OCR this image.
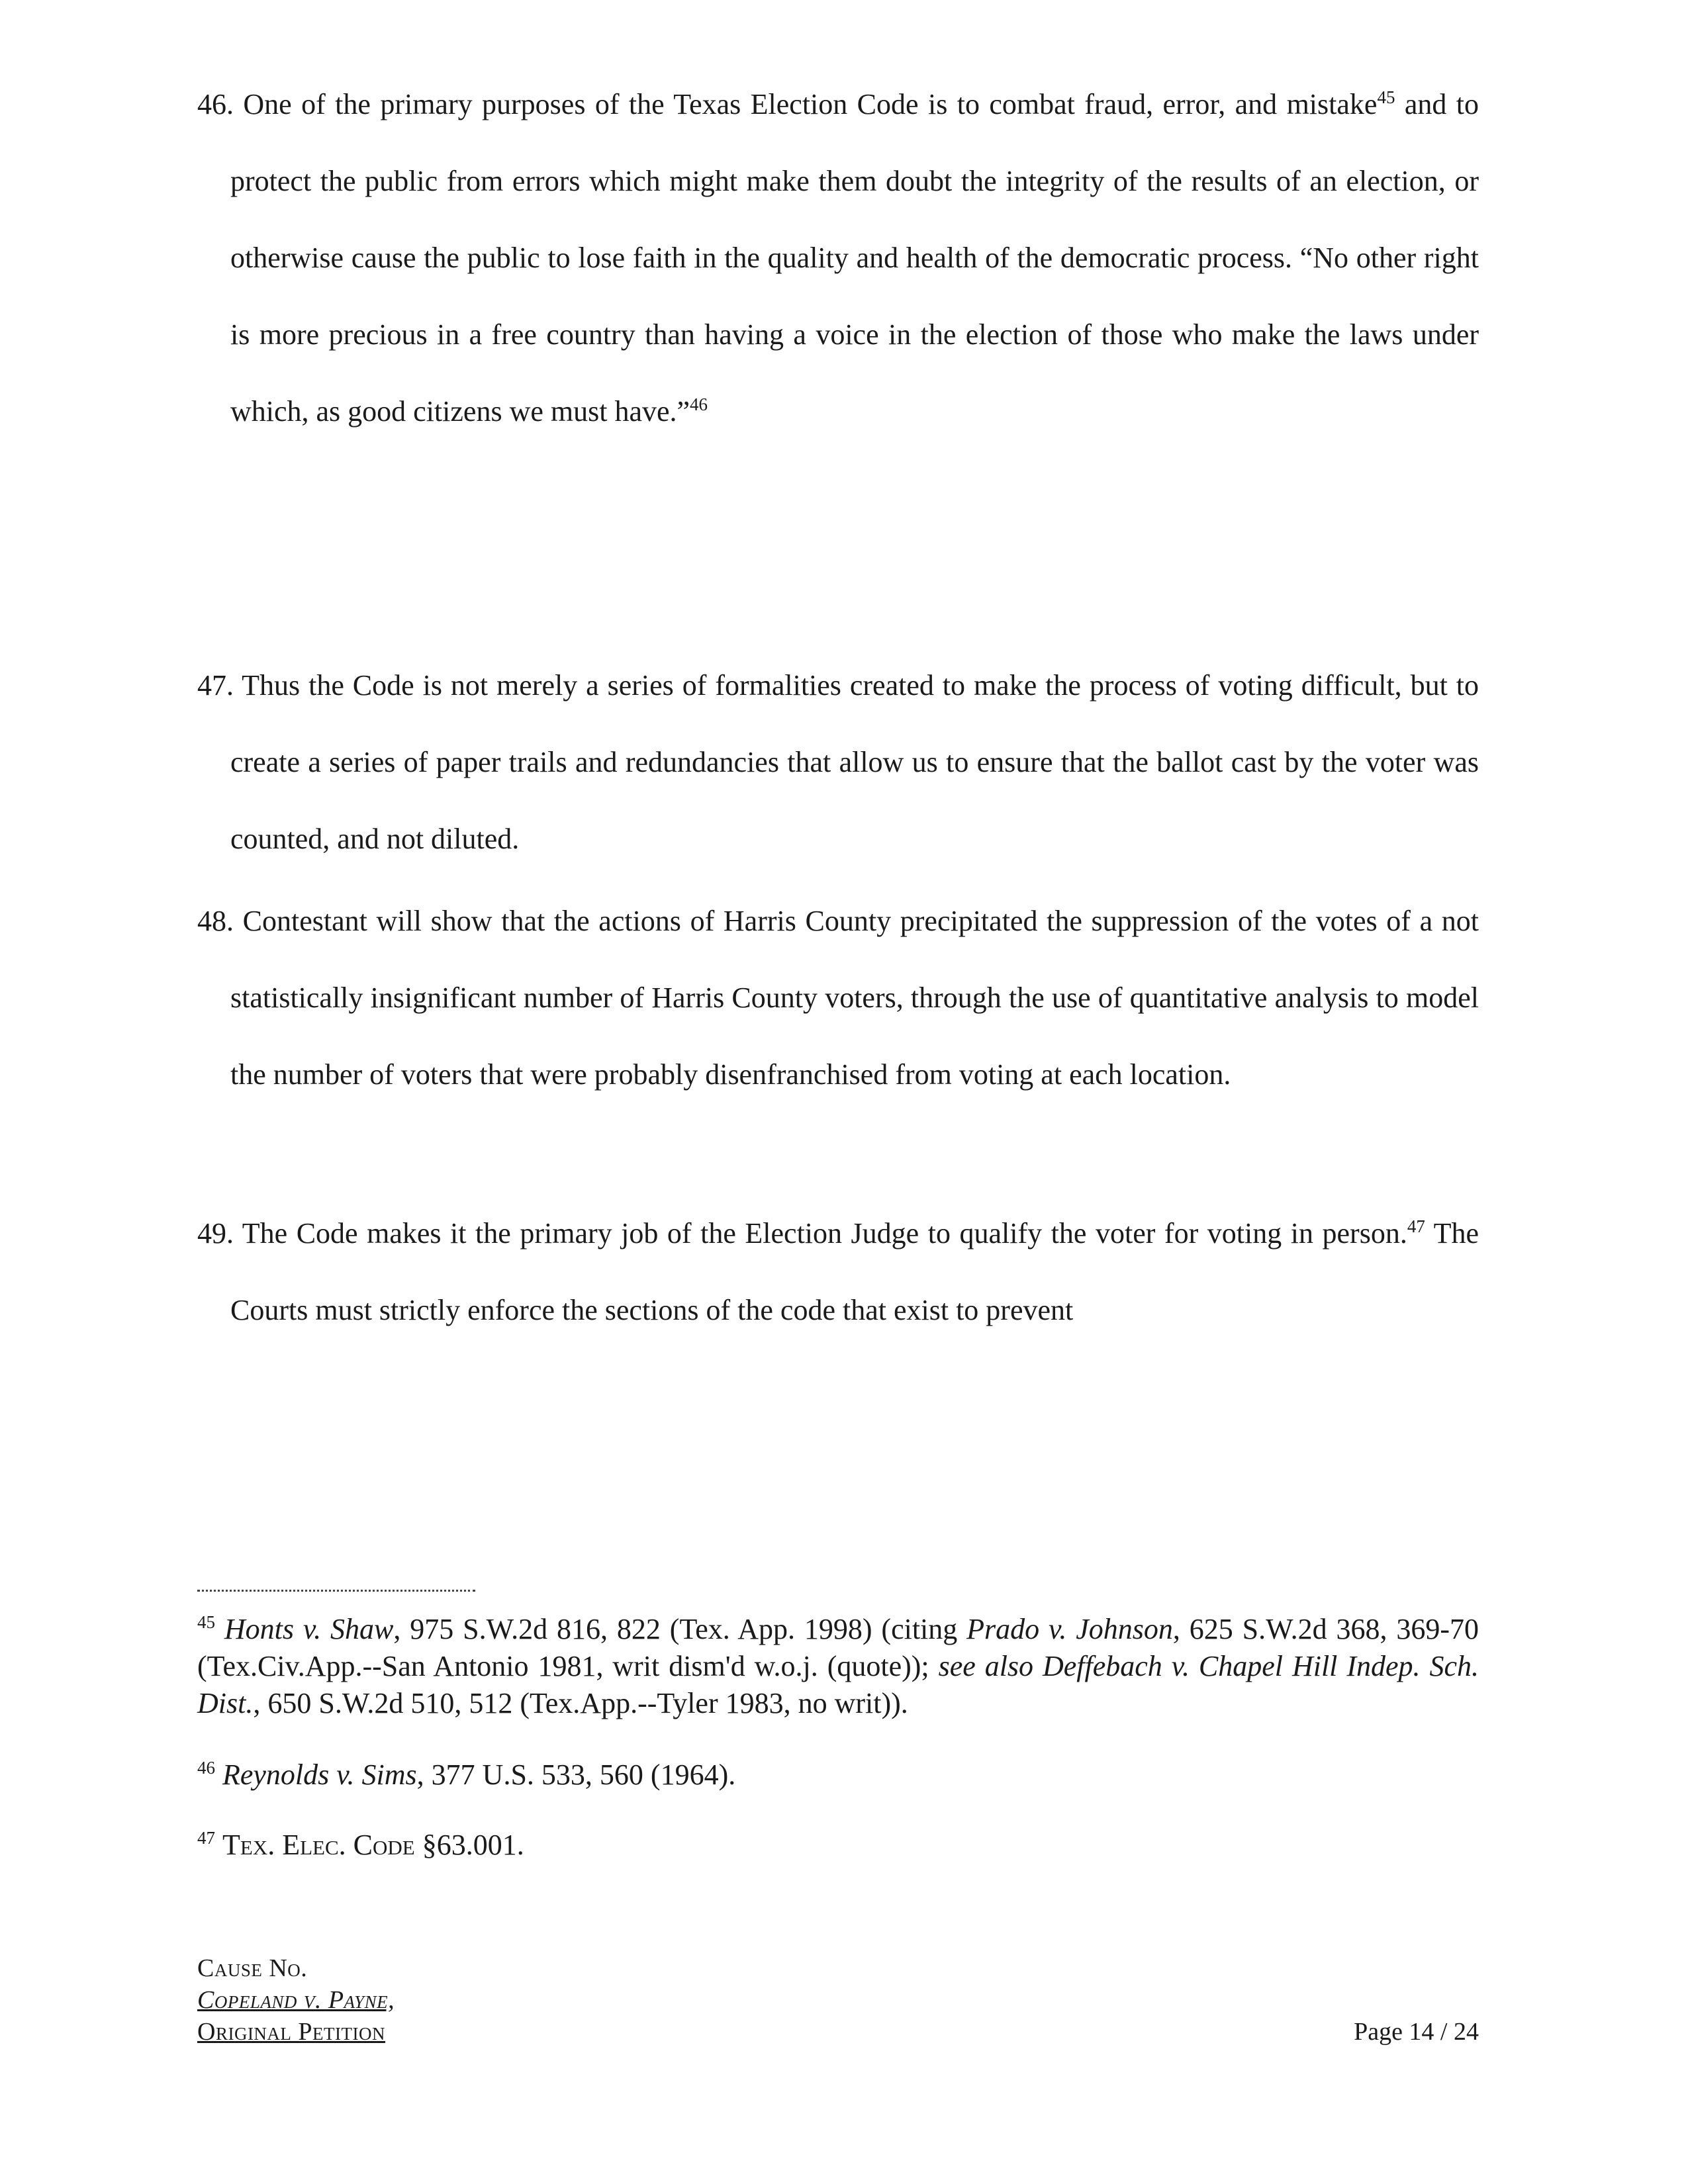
46. One of the primary purposes of the Texas Election Code is to combat fraud, error, and mistake$^{45}$ and to protect the public from errors which might make them doubt the integrity of the results of an election, or otherwise cause the public to lose faith in the quality and health of the democratic process. “No other right is more precious in a free country than having a voice in the election of those who make the laws under which, as good citizens we must have.”$^{46}$
47. Thus the Code is not merely a series of formalities created to make the process of voting difficult, but to create a series of paper trails and redundancies that allow us to ensure that the ballot cast by the voter was counted, and not diluted.
48. Contestant will show that the actions of Harris County precipitated the suppression of the votes of a not statistically insignificant number of Harris County voters, through the use of quantitative analysis to model the number of voters that were probably disenfranchised from voting at each location.
49. The Code makes it the primary job of the Election Judge to qualify the voter for voting in person.$^{47}$ The Courts must strictly enforce the sections of the code that exist to prevent
$^{45}$ Honts v. Shaw, 975 S.W.2d 816, 822 (Tex. App. 1998) (citing Prado v. Johnson, 625 S.W.2d 368, 369-70 (Tex.Civ.App.--San Antonio 1981, writ dism'd w.o.j. (quote)); see also Deffebach v. Chapel Hill Indep. Sch. Dist., 650 S.W.2d 510, 512 (Tex.App.--Tyler 1983, no writ)).
$^{46}$ Reynolds v. Sims, 377 U.S. 533, 560 (1964).
$^{47}$ Tex. Elec. Code §63.001.
Cause No.
Copeland v. Payne,
Original Petition	Page 14 / 24
